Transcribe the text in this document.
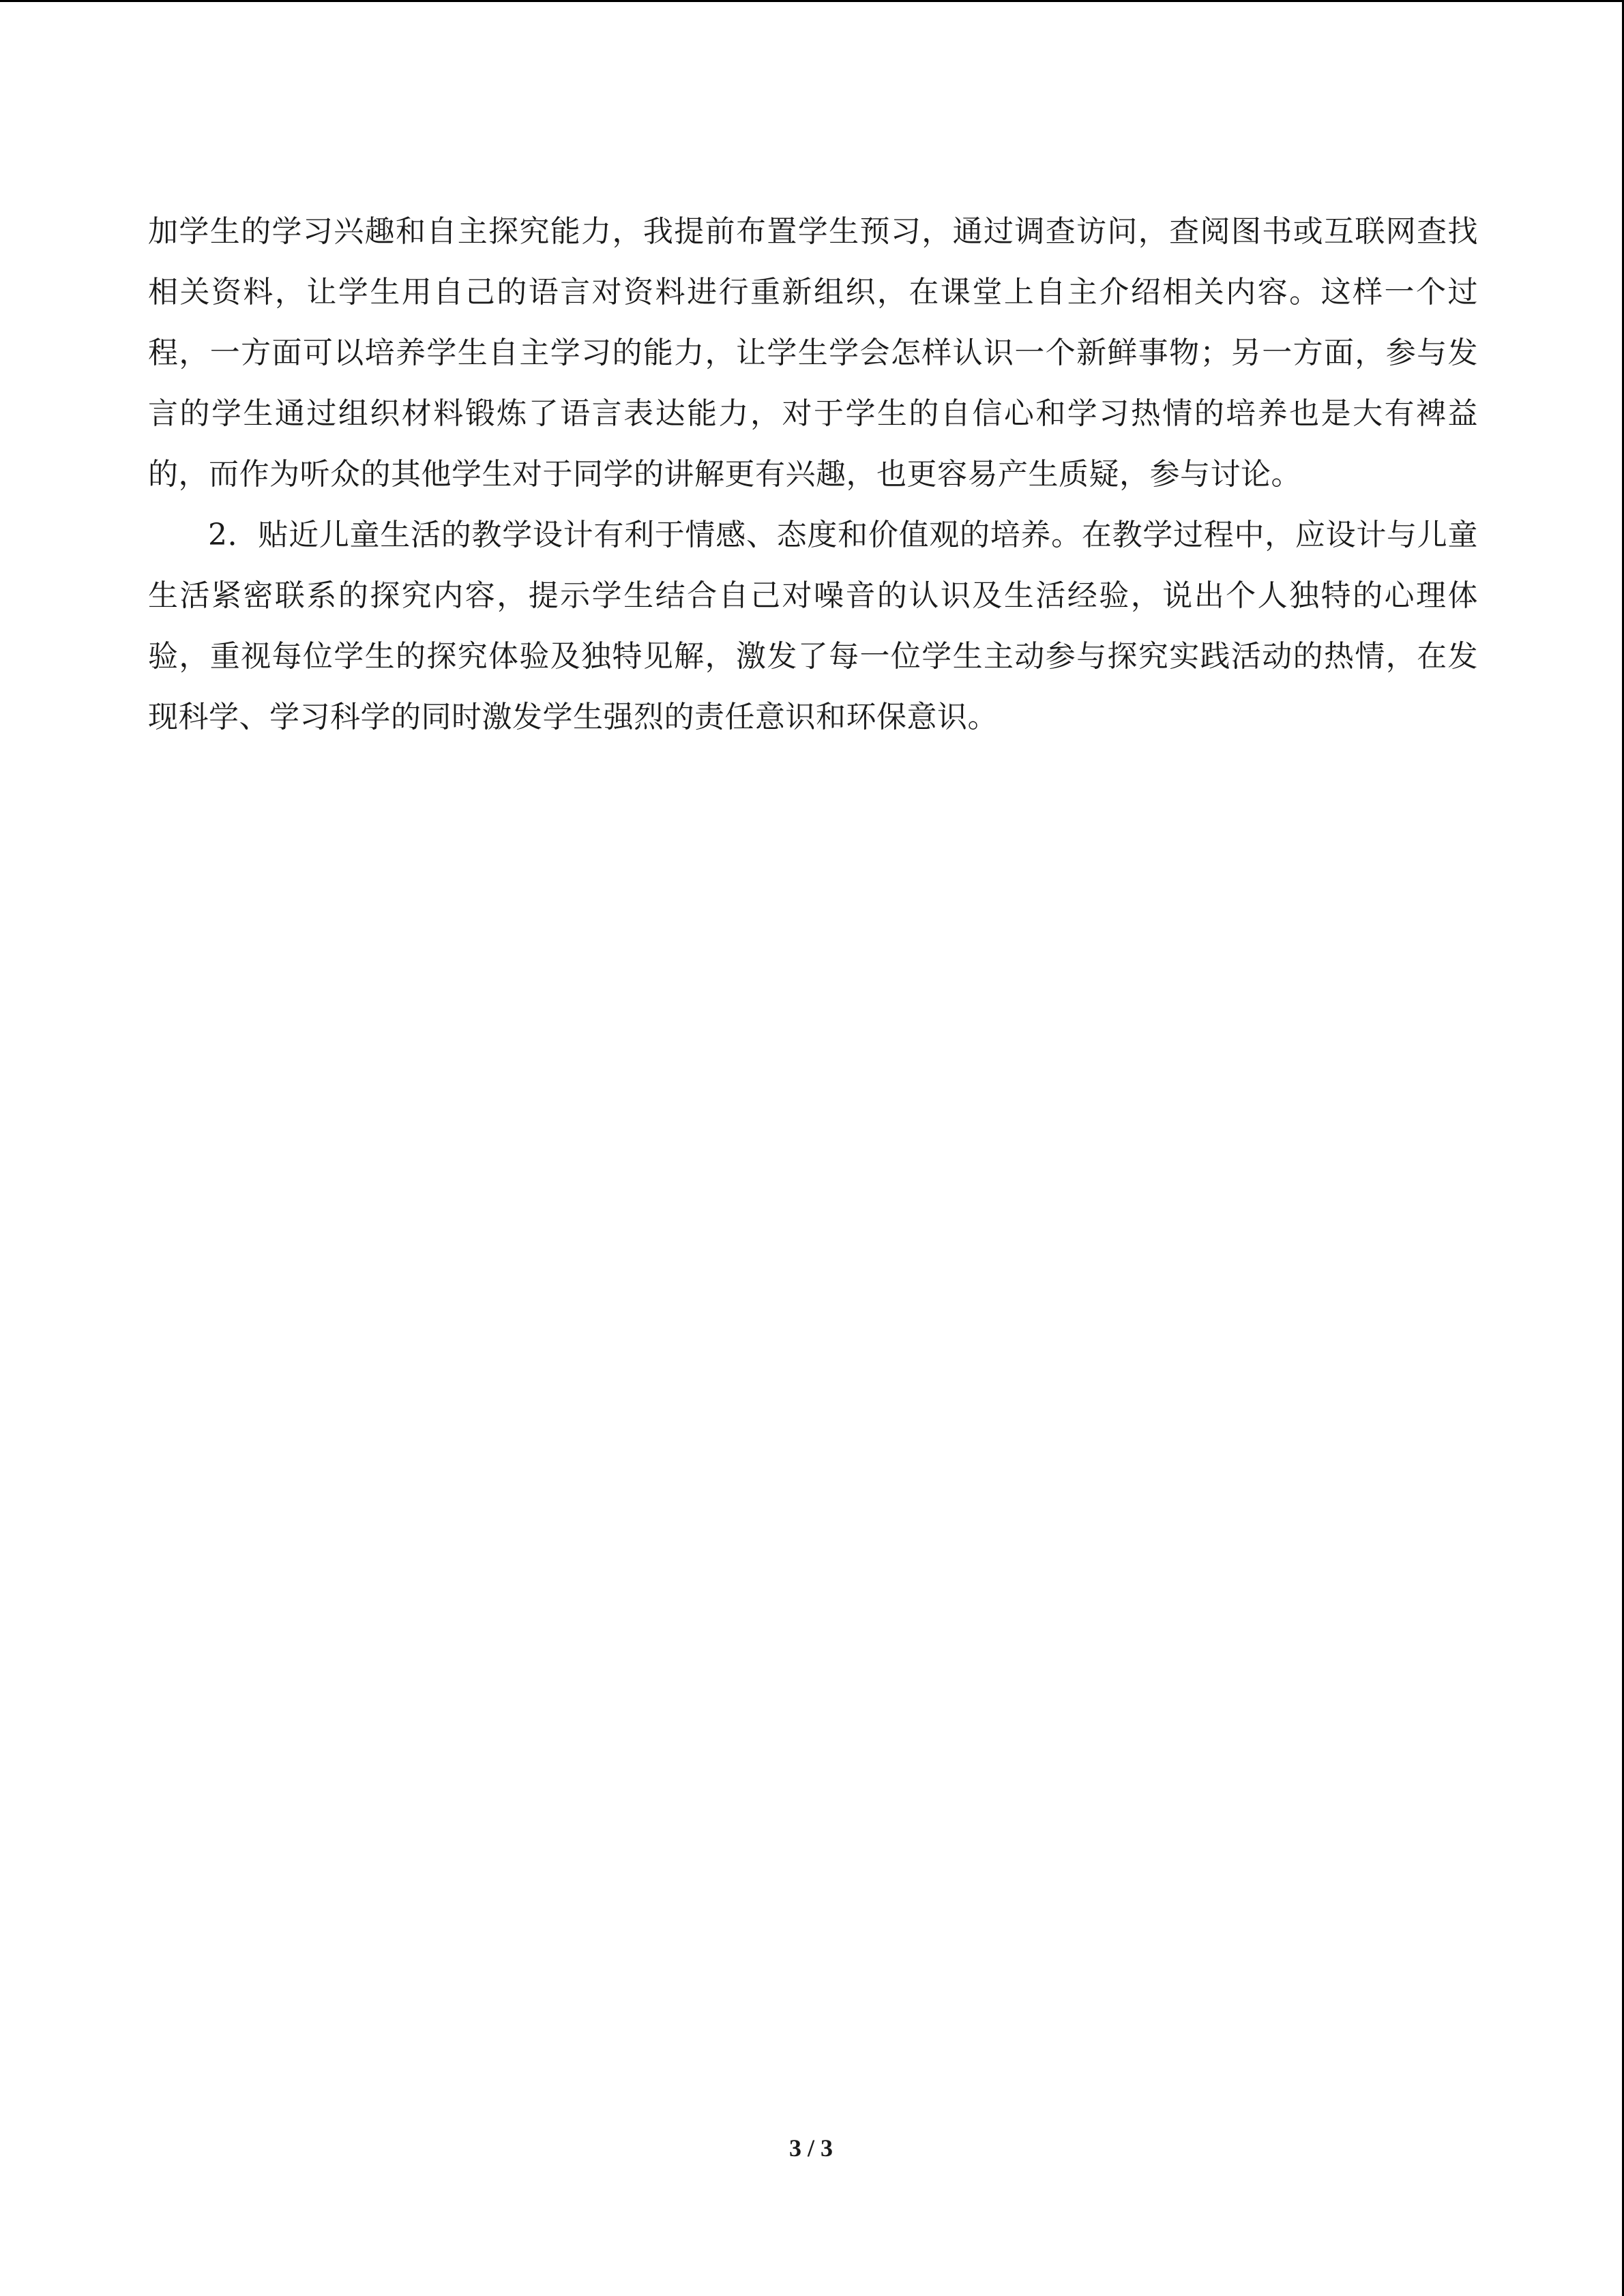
加学生的学习兴趣和自主探究能力，我提前布置学生预习，通过调查访问，查阅图书或互联网查找相关资料，让学生用自己的语言对资料进行重新组织，在课堂上自主介绍相关内容。这样一个过程，一方面可以培养学生自主学习的能力，让学生学会怎样认识一个新鲜事物；另一方面，参与发言的学生通过组织材料锻炼了语言表达能力，对于学生的自信心和学习热情的培养也是大有裨益的，而作为听众的其他学生对于同学的讲解更有兴趣，也更容易产生质疑，参与讨论。

2．贴近儿童生活的教学设计有利于情感、态度和价值观的培养。在教学过程中，应设计与儿童生活紧密联系的探究内容，提示学生结合自己对噪音的认识及生活经验，说出个人独特的心理体验，重视每位学生的探究体验及独特见解，激发了每一位学生主动参与探究实践活动的热情，在发现科学、学习科学的同时激发学生强烈的责任意识和环保意识。

3 / 3
